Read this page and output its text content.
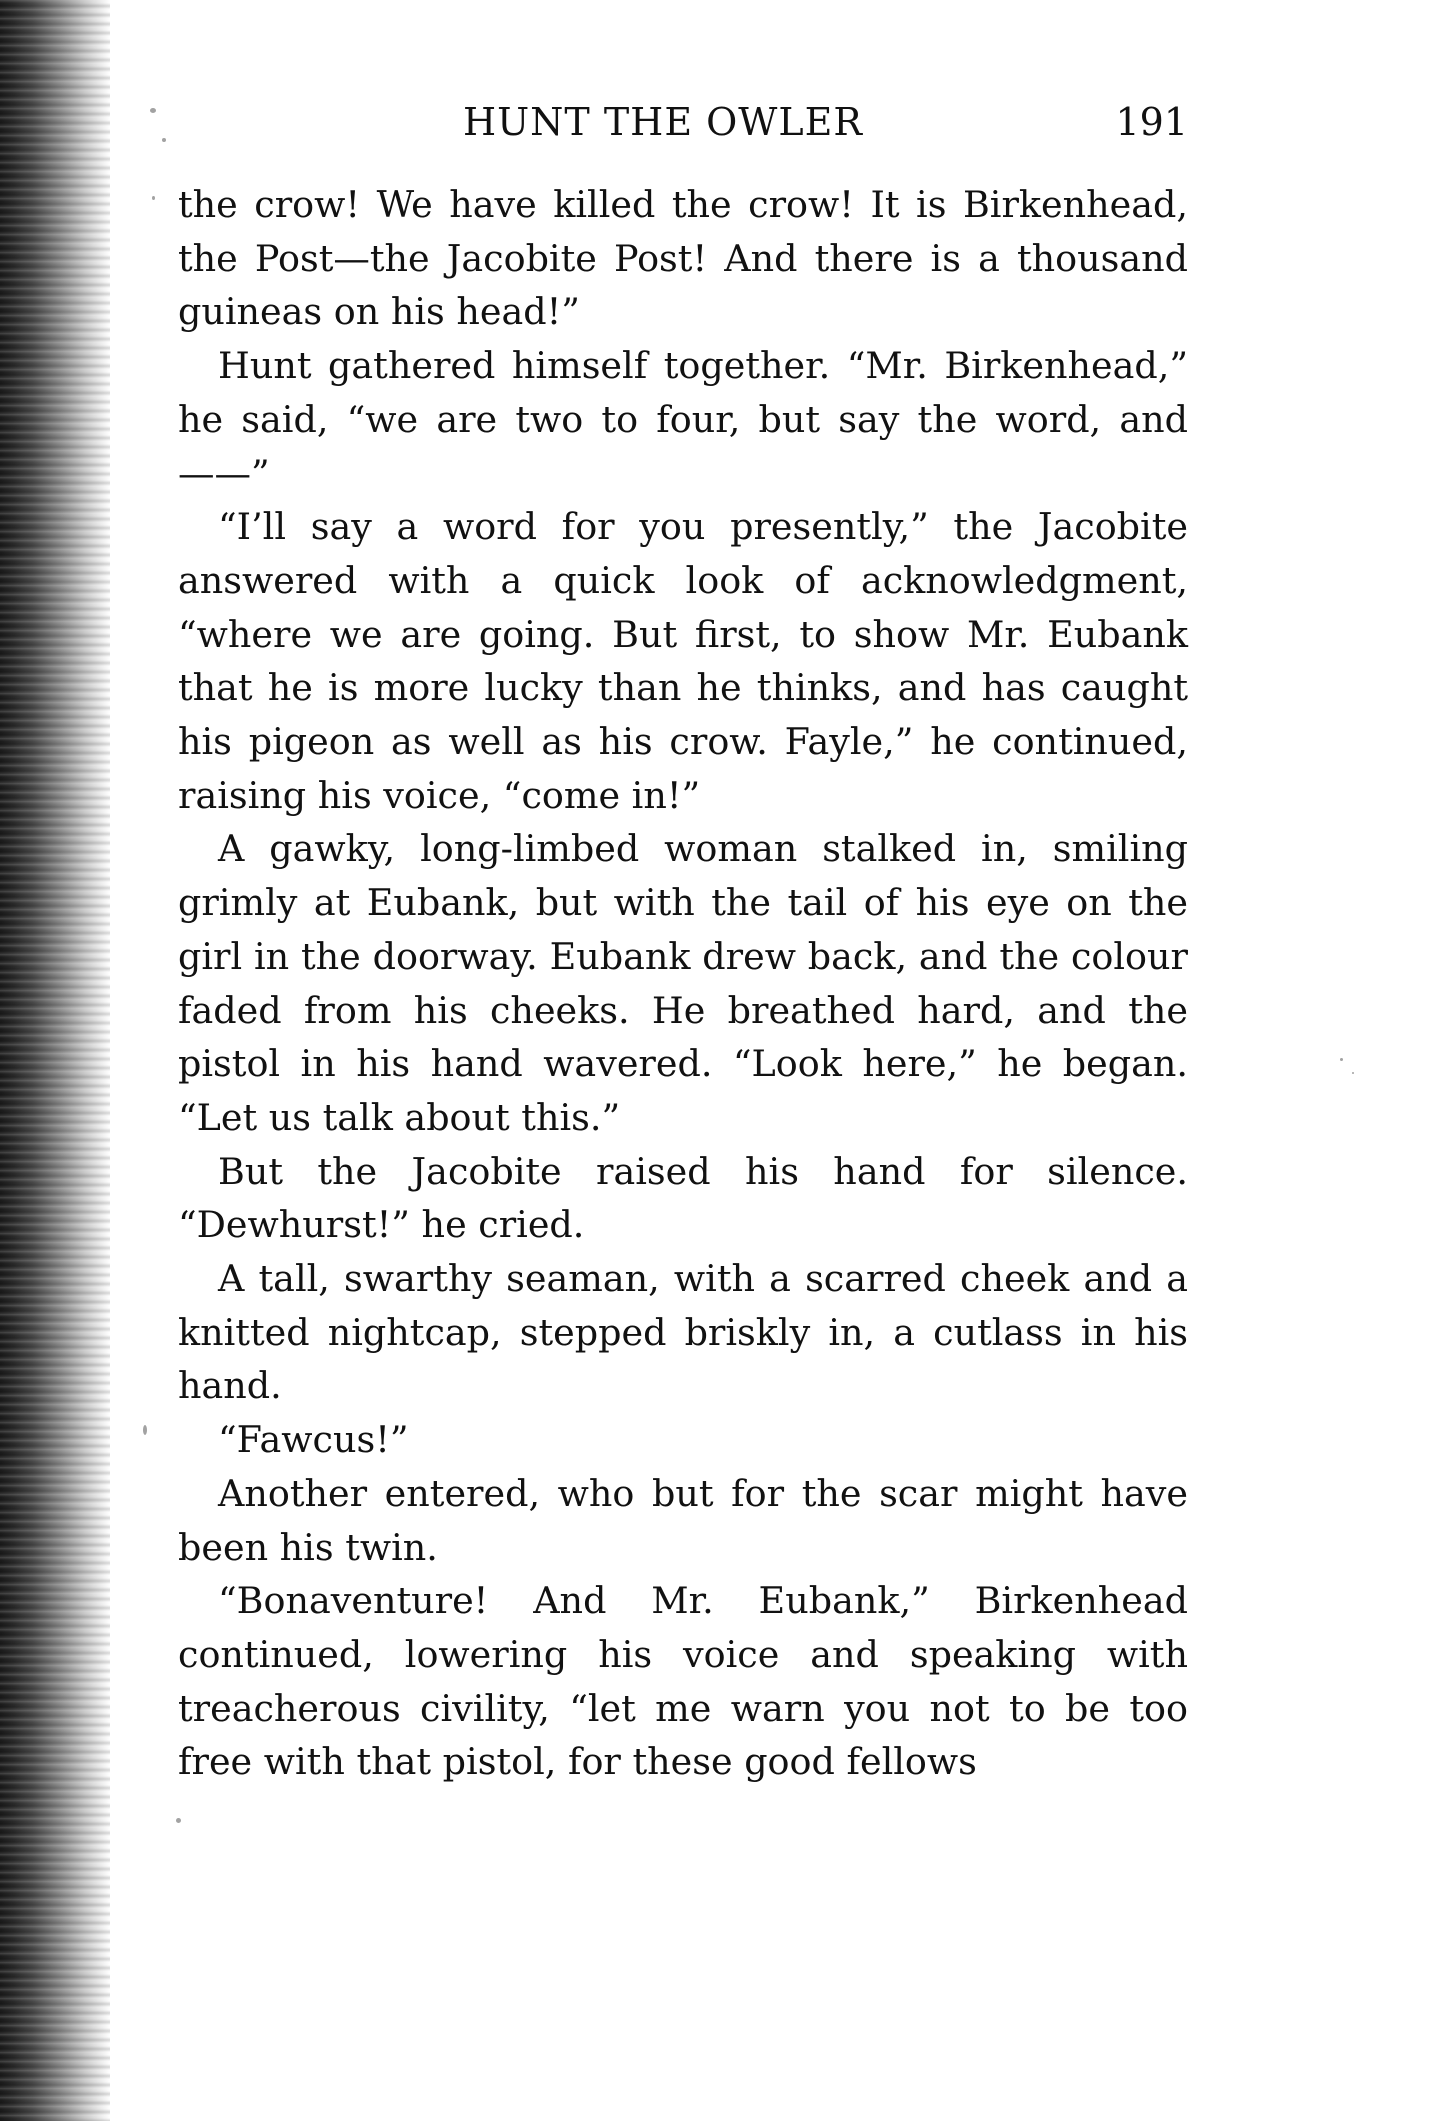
HUNT THE OWLER	191

the crow! We have killed the crow! It is Birkenhead, the Post—the Jacobite Post! And there is a thousand guineas on his head!”

Hunt gathered himself together. “Mr. Birkenhead,” he said, “we are two to four, but say the word, and——”

“I’ll say a word for you presently,” the Jacobite answered with a quick look of acknowledgment, “where we are going. But first, to show Mr. Eubank that he is more lucky than he thinks, and has caught his pigeon as well as his crow. Fayle,” he continued, raising his voice, “come in!”

A gawky, long-limbed woman stalked in, smiling grimly at Eubank, but with the tail of his eye on the girl in the doorway. Eubank drew back, and the colour faded from his cheeks. He breathed hard, and the pistol in his hand wavered. “Look here,” he began. “Let us talk about this.”

But the Jacobite raised his hand for silence. “Dewhurst!” he cried.

A tall, swarthy seaman, with a scarred cheek and a knitted nightcap, stepped briskly in, a cutlass in his hand.

“Fawcus!”

Another entered, who but for the scar might have been his twin.

“Bonaventure! And Mr. Eubank,” Birkenhead continued, lowering his voice and speaking with treacherous civility, “let me warn you not to be too free with that pistol, for these good fellows
